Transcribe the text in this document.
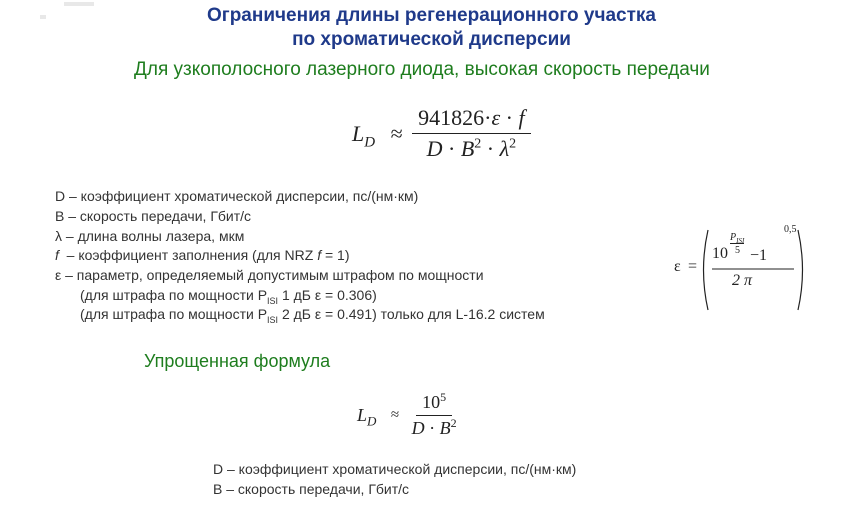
Ограничения длины регенерационного участка
по хроматической дисперсии
Для узкополосного лазерного диода, высокая скорость передачи
$L_D \approx \frac{941826\cdot\varepsilon \cdot f}{D \cdot B^2 \cdot \lambda^2}$
D – коэффициент хроматической дисперсии, пс/(нм·км)
B – скорость передачи, Гбит/с
λ – длина волны лазера, мкм
f  – коэффициент заполнения (для NRZ f = 1)
ε – параметр, определяемый допустимым штрафом по мощности
(для штрафа по мощности $P_{ISI}$ 1 дБ ε = 0.306)
(для штрафа по мощности $P_{ISI}$ 2 дБ ε = 0.491) только для L-16.2 систем
ε =
$P_{ISI}$
10 5 −1
2 π
0,5
Упрощенная формула
$L_D \approx \frac{10^5}{D \cdot B^2}$
D – коэффициент хроматической дисперсии, пс/(нм·км)
B – скорость передачи, Гбит/с
